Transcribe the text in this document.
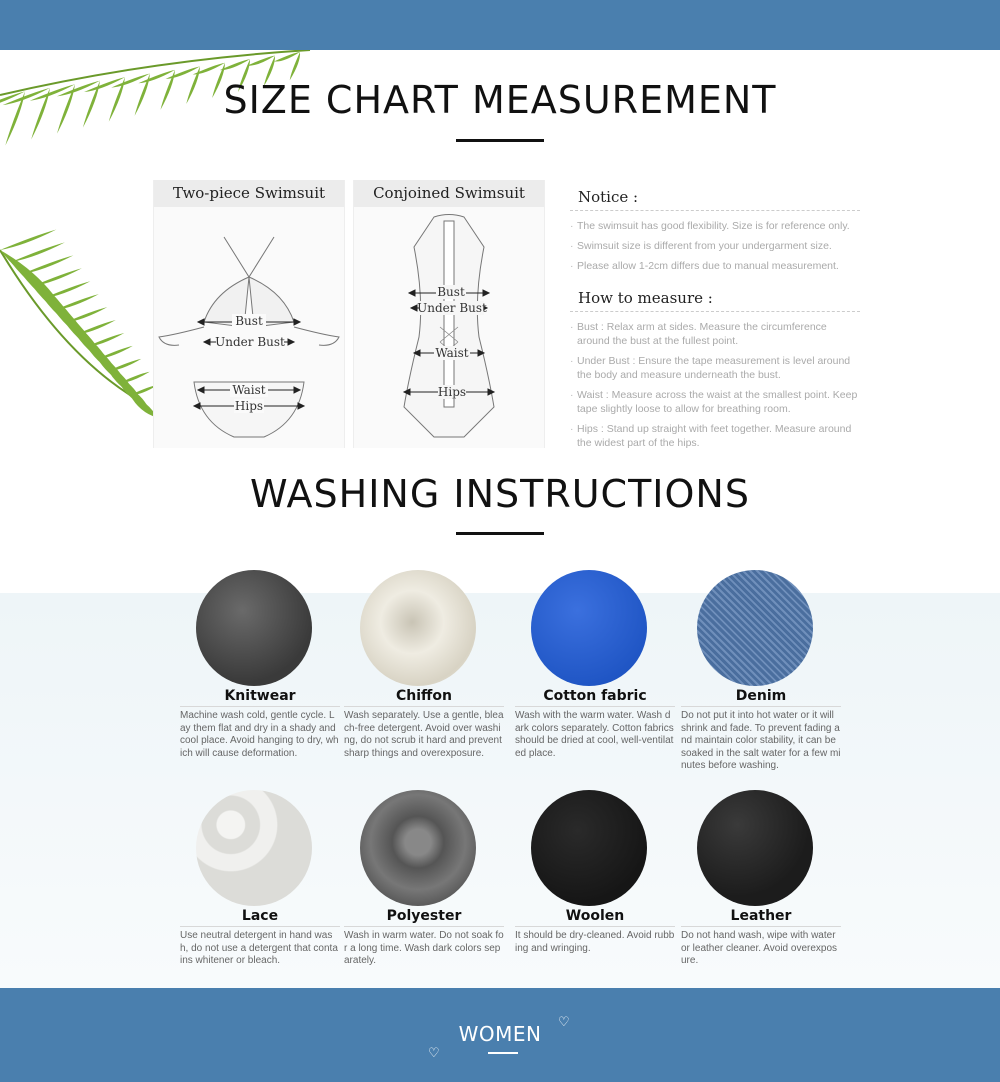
SIZE CHART MEASUREMENT
Two-piece Swimsuit
Bust
Under Bust
Waist
Hips
Conjoined Swimsuit
Bust
Under Bust
Waist
Hips
Notice :
· The swimsuit has good flexibility. Size is for reference only.
· Swimsuit size is different from your undergarment size.
· Please allow 1-2cm differs due to manual measurement.
How to measure :
· Bust : Relax arm at sides. Measure the circumference around the bust at the fullest point.
· Under Bust : Ensure the tape measurement is level around the body and measure underneath the bust.
· Waist : Measure across the waist at the smallest point. Keep tape slightly loose to allow for breathing room.
· Hips : Stand up straight with feet together. Measure around the widest part of the hips.
WASHING INSTRUCTIONS
Knitwear
Machine wash cold, gentle cycle. Lay them flat and dry in a shady and cool place. Avoid hanging to dry, which will cause deformation.
Chiffon
Wash separately. Use a gentle, bleach-free detergent. Avoid over washing, do not scrub it hard and prevent sharp things and overexposure.
Cotton fabric
Wash with the warm water. Wash dark colors separately. Cotton fabrics should be dried at cool, well-ventilated place.
Denim
Do not put it into hot water or it will shrink and fade. To prevent fading and maintain color stability, it can be soaked in the salt water for a few minutes before washing.
Lace
Use neutral detergent in hand wash, do not use a detergent that contains whitener or bleach.
Polyester
Wash in warm water. Do not soak for a long time. Wash dark colors separately.
Woolen
It should be dry-cleaned. Avoid rubbing and wringing.
Leather
Do not hand wash, wipe with water or leather cleaner. Avoid overexposure.
WOMEN	♡
♡
